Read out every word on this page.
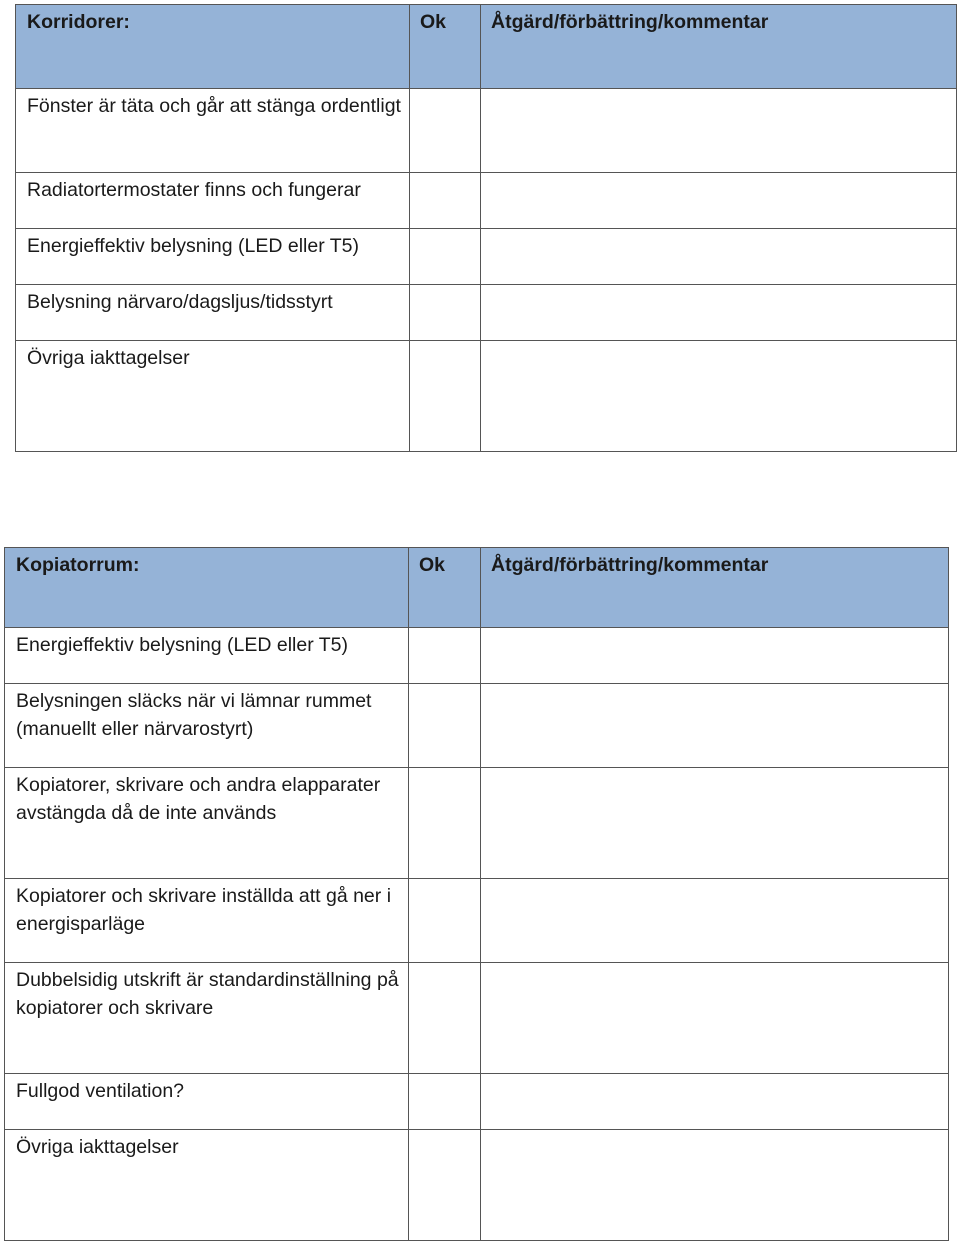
Korridorer:	Ok	Åtgärd/förbättring/kommentar

Fönster är täta och går att stänga ordentligt		

Radiatortermostater finns och fungerar		

Energieffektiv belysning (LED eller T5)		

Belysning närvaro/dagsljus/tidsstyrt		

Övriga iakttagelser		

Kopiatorrum:	Ok	Åtgärd/förbättring/kommentar

Energieffektiv belysning (LED eller T5)		

Belysningen släcks när vi lämnar rummet (manuellt eller närvarostyrt)		

Kopiatorer, skrivare och andra elapparater avstängda då de inte används		

Kopiatorer och skrivare inställda att gå ner i energisparläge		

Dubbelsidig utskrift är standardinställning på kopiatorer och skrivare		

Fullgod ventilation?		

Övriga iakttagelser		
